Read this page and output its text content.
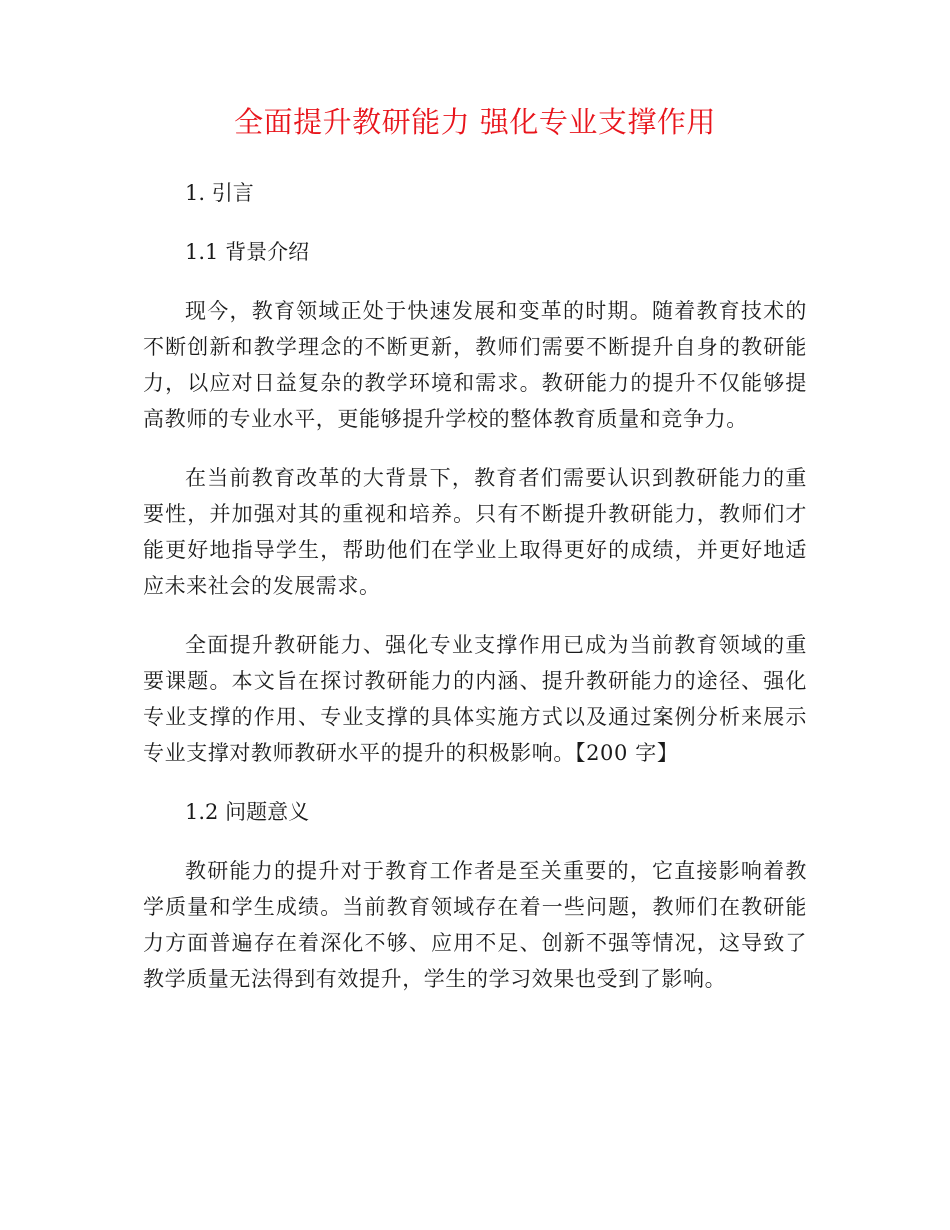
全面提升教研能力 强化专业支撑作用
1. 引言
1.1 背景介绍

现今，教育领域正处于快速发展和变革的时期。随着教育技术的不断创新和教学理念的不断更新，教师们需要不断提升自身的教研能力，以应对日益复杂的教学环境和需求。教研能力的提升不仅能够提高教师的专业水平，更能够提升学校的整体教育质量和竞争力。

在当前教育改革的大背景下，教育者们需要认识到教研能力的重要性，并加强对其的重视和培养。只有不断提升教研能力，教师们才能更好地指导学生，帮助他们在学业上取得更好的成绩，并更好地适应未来社会的发展需求。

全面提升教研能力、强化专业支撑作用已成为当前教育领域的重要课题。本文旨在探讨教研能力的内涵、提升教研能力的途径、强化专业支撑的作用、专业支撑的具体实施方式以及通过案例分析来展示专业支撑对教师教研水平的提升的积极影响。【200 字】

1.2 问题意义

教研能力的提升对于教育工作者是至关重要的，它直接影响着教学质量和学生成绩。当前教育领域存在着一些问题，教师们在教研能力方面普遍存在着深化不够、应用不足、创新不强等情况，这导致了教学质量无法得到有效提升，学生的学习效果也受到了影响。
